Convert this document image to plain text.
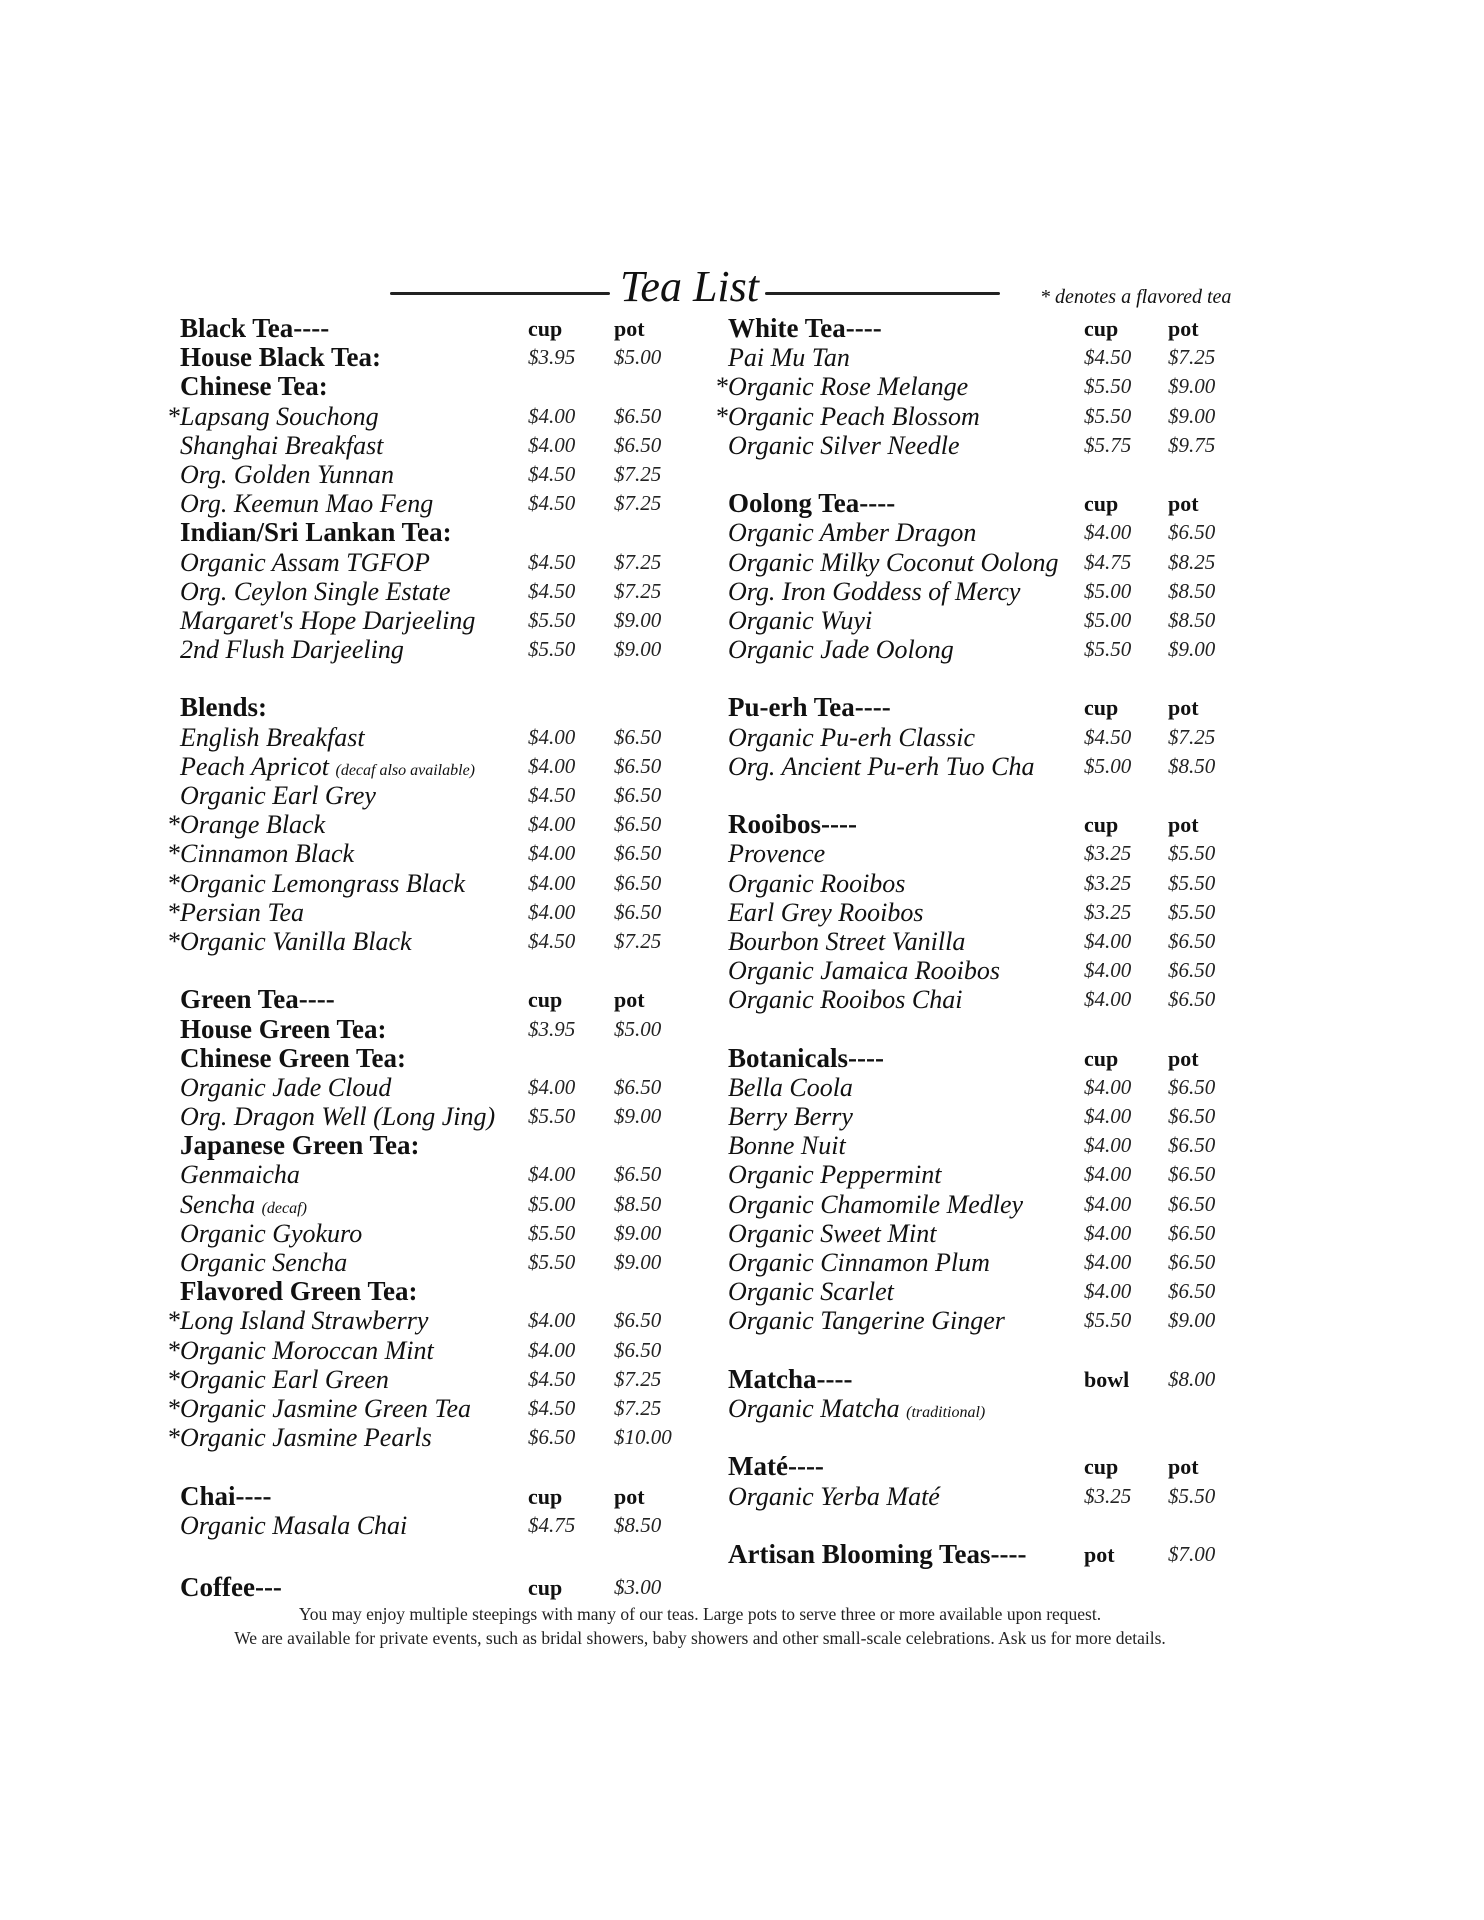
Tea List	* denotes a flavored tea
Black Tea----	cup pot
House Black Tea:	$3.95 $5.00
Chinese Tea:
* Lapsang Souchong	$4.00 $6.50
Shanghai Breakfast	$4.00 $6.50
Org. Golden Yunnan	$4.50 $7.25
Org. Keemun Mao Feng	$4.50 $7.25
Indian/Sri Lankan Tea:
Organic Assam TGFOP	$4.50 $7.25
Org. Ceylon Single Estate	$4.50 $7.25
Margaret's Hope Darjeeling	$5.50 $9.00
2nd Flush Darjeeling	$5.50 $9.00
Blends:
English Breakfast	$4.00 $6.50
Peach Apricot (decaf also available)	$4.00 $6.50
Organic Earl Grey	$4.50 $6.50
* Orange Black	$4.00 $6.50
* Cinnamon Black	$4.00 $6.50
* Organic Lemongrass Black	$4.00 $6.50
* Persian Tea	$4.00 $6.50
* Organic Vanilla Black	$4.50 $7.25
Green Tea----	cup pot
House Green Tea:	$3.95 $5.00
Chinese Green Tea:
Organic Jade Cloud	$4.00 $6.50
Org. Dragon Well (Long Jing) $5.50 $9.00
Japanese Green Tea:
Genmaicha	$4.00 $6.50
Sencha (decaf)	$5.00 $8.50
Organic Gyokuro	$5.50 $9.00
Organic Sencha	$5.50 $9.00
Flavored Green Tea:
* Long Island Strawberry	$4.00 $6.50
* Organic Moroccan Mint	$4.00 $6.50
* Organic Earl Green	$4.50 $7.25
* Organic Jasmine Green Tea	$4.50 $7.25
* Organic Jasmine Pearls	$6.50 $10.00
Chai----	cup pot
Organic Masala Chai	$4.75 $8.50
Coffee---	cup $3.00
White Tea----	cup pot
Pai Mu Tan	$4.50 $7.25
* Organic Rose Melange	$5.50 $9.00
* Organic Peach Blossom	$5.50 $9.00
Organic Silver Needle	$5.75 $9.75
Oolong Tea----	cup pot
Organic Amber Dragon	$4.00 $6.50
Organic Milky Coconut Oolong $4.75 $8.25
Org. Iron Goddess of Mercy	$5.00 $8.50
Organic Wuyi	$5.00 $8.50
Organic Jade Oolong	$5.50 $9.00
Pu-erh Tea----	cup pot
Organic Pu-erh Classic	$4.50 $7.25
Org. Ancient Pu-erh Tuo Cha $5.00 $8.50
Rooibos----	cup pot
Provence	$3.25 $5.50
Organic Rooibos	$3.25 $5.50
Earl Grey Rooibos	$3.25 $5.50
Bourbon Street Vanilla	$4.00 $6.50
Organic Jamaica Rooibos	$4.00 $6.50
Organic Rooibos Chai	$4.00 $6.50
Botanicals----	cup pot
Bella Coola	$4.00 $6.50
Berry Berry	$4.00 $6.50
Bonne Nuit	$4.00 $6.50
Organic Peppermint	$4.00 $6.50
Organic Chamomile Medley	$4.00 $6.50
Organic Sweet Mint	$4.00 $6.50
Organic Cinnamon Plum	$4.00 $6.50
Organic Scarlet	$4.00 $6.50
Organic Tangerine Ginger	$5.50 $9.00
Matcha----	bowl $8.00
Organic Matcha (traditional)
Maté----	cup pot
Organic Yerba Maté	$3.25 $5.50
Artisan Blooming Teas----	pot	$7.00
You may enjoy multiple steepings with many of our teas. Large pots to serve three or more available upon request.
We are available for private events, such as bridal showers, baby showers and other small-scale celebrations. Ask us for more details.
